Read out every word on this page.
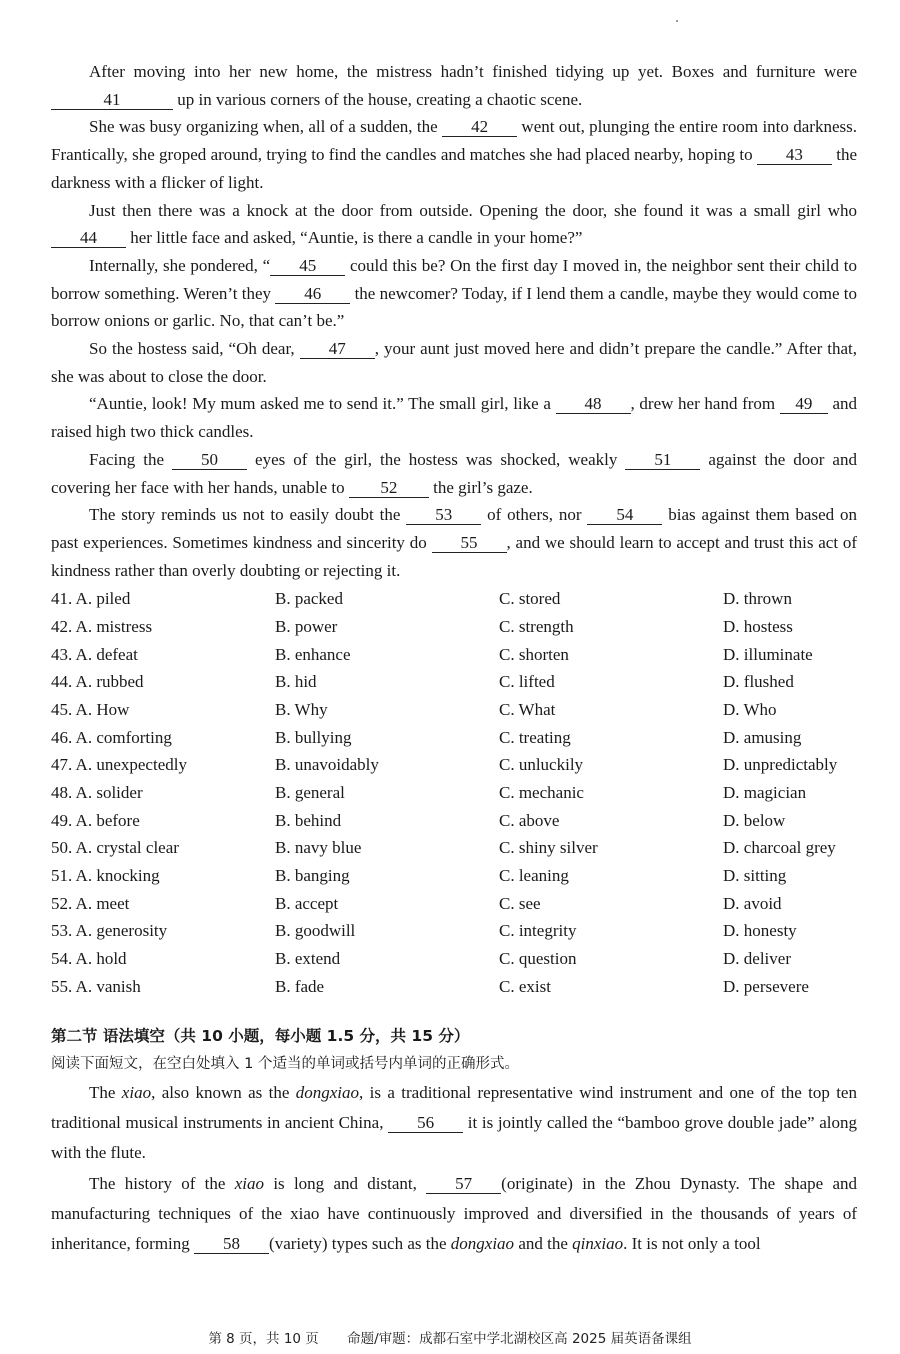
After moving into her new home, the mistress hadn’t finished tidying up yet. Boxes and furniture were 41	up in various corners of the house, creating a chaotic scene.

She was busy organizing when, all of a sudden, the 42 went out, plunging the entire room into darkness. Frantically, she groped around, trying to find the candles and matches she had placed nearby, hoping to 43 the darkness with a flicker of light.

Just then there was a knock at the door from outside. Opening the door, she found it was a small girl who 44 her little face and asked, “Auntie, is there a candle in your home?”

Internally, she pondered, “ 45 could this be? On the first day I moved in, the neighbor sent their child to borrow something. Weren’t they 46 the newcomer? Today, if I lend them a candle, maybe they would come to borrow onions or garlic. No, that can’t be.”

So the hostess said, “Oh dear, 47 , your aunt just moved here and didn’t prepare the candle.” After that, she was about to close the door.

“Auntie, look! My mum asked me to send it.” The small girl, like a 48 , drew her hand from 49 and raised high two thick candles.

Facing the 50 eyes of the girl, the hostess was shocked, weakly 51 against the door and covering her face with her hands, unable to 52 the girl’s gaze.

The story reminds us not to easily doubt the 53 of others, nor 54 bias against them based on past experiences. Sometimes kindness and sincerity do 55 , and we should learn to accept and trust this act of kindness rather than overly doubting or rejecting it.

41. A. piled	B. packed	C. stored	D. thrown
42. A. mistress	B. power	C. strength	D. hostess
43. A. defeat	B. enhance	C. shorten	D. illuminate
44. A. rubbed	B. hid	C. lifted	D. flushed
45. A. How	B. Why	C. What	D. Who
46. A. comforting	B. bullying	C. treating	D. amusing
47. A. unexpectedly	B. unavoidably	C. unluckily	D. unpredictably
48. A. solider	B. general	C. mechanic	D. magician
49. A. before	B. behind	C. above	D. below
50. A. crystal clear	B. navy blue	C. shiny silver	D. charcoal grey
51. A. knocking	B. banging	C. leaning	D. sitting
52. A. meet	B. accept	C. see	D. avoid
53. A. generosity	B. goodwill	C. integrity	D. honesty
54. A. hold	B. extend	C. question	D. deliver
55. A. vanish	B. fade	C. exist	D. persevere
第二节 语法填空（共 10 小题，每小题 1.5 分，共 15 分）
阅读下面短文，在空白处填入 1 个适当的单词或括号内单词的正确形式。

The xiao, also known as the dongxiao, is a traditional representative wind instrument and one of the top ten traditional musical instruments in ancient China, 56 it is jointly called the “bamboo grove double jade” along with the flute.

The history of the xiao is long and distant, 57 (originate) in the Zhou Dynasty. The shape and manufacturing techniques of the xiao have continuously improved and diversified in the thousands of years of inheritance, forming 58 (variety) types such as the dongxiao and the qinxiao. It is not only a tool

第 8 页，共 10 页 命题/审题：成都石室中学北湖校区高 2025 届英语备课组
